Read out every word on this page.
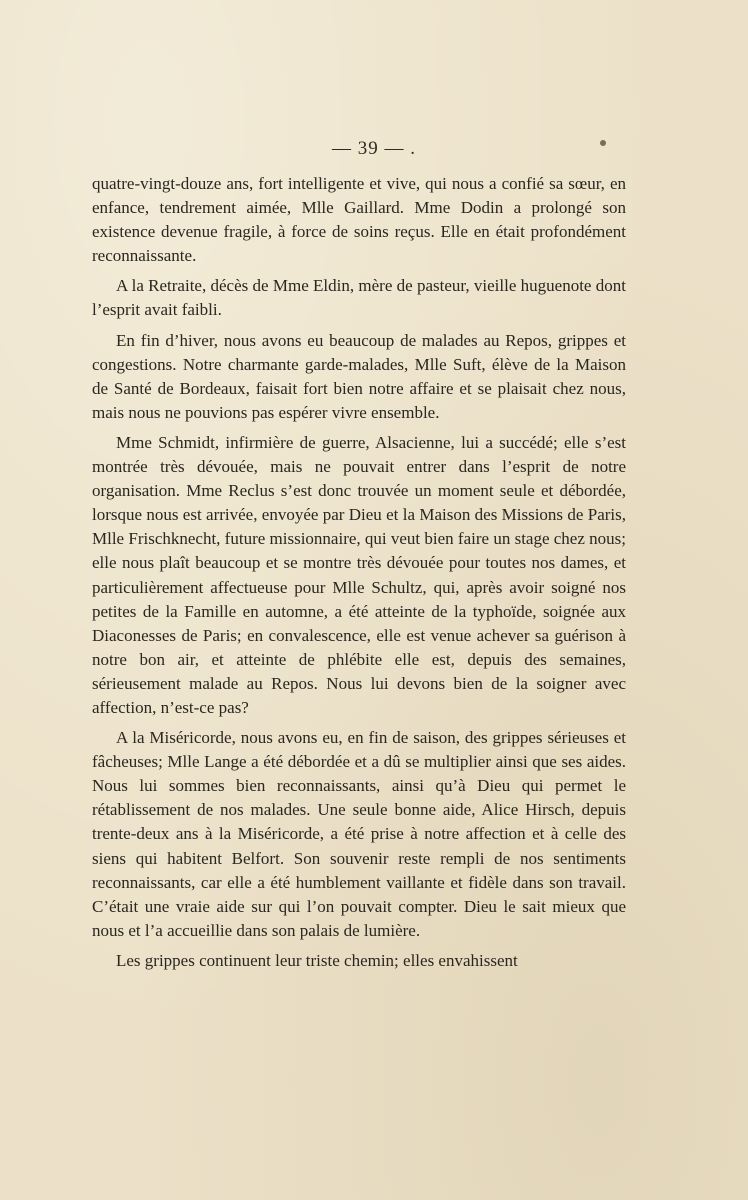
— 39 — .

quatre-vingt-douze ans, fort intelligente et vive, qui nous a confié sa sœur, en enfance, tendrement aimée, Mlle Gaillard. Mme Dodin a prolongé son existence devenue fragile, à force de soins reçus. Elle en était profondément reconnaissante.

A la Retraite, décès de Mme Eldin, mère de pasteur, vieille huguenote dont l’esprit avait faibli.

En fin d’hiver, nous avons eu beaucoup de malades au Repos, grippes et congestions. Notre charmante garde-malades, Mlle Suft, élève de la Maison de Santé de Bordeaux, faisait fort bien notre affaire et se plaisait chez nous, mais nous ne pouvions pas espérer vivre ensemble.

Mme Schmidt, infirmière de guerre, Alsacienne, lui a succédé; elle s’est montrée très dévouée, mais ne pouvait entrer dans l’esprit de notre organisation. Mme Reclus s’est donc trouvée un moment seule et débordée, lorsque nous est arrivée, envoyée par Dieu et la Maison des Missions de Paris, Mlle Frischknecht, future missionnaire, qui veut bien faire un stage chez nous; elle nous plaît beaucoup et se montre très dévouée pour toutes nos dames, et particulièrement affectueuse pour Mlle Schultz, qui, après avoir soigné nos petites de la Famille en automne, a été atteinte de la typhoïde, soignée aux Diaconesses de Paris; en convalescence, elle est venue achever sa guérison à notre bon air, et atteinte de phlébite elle est, depuis des semaines, sérieusement malade au Repos. Nous lui devons bien de la soigner avec affection, n’est-ce pas?

A la Miséricorde, nous avons eu, en fin de saison, des grippes sérieuses et fâcheuses; Mlle Lange a été débordée et a dû se multiplier ainsi que ses aides. Nous lui sommes bien reconnaissants, ainsi qu’à Dieu qui permet le rétablissement de nos malades. Une seule bonne aide, Alice Hirsch, depuis trente-deux ans à la Miséricorde, a été prise à notre affection et à celle des siens qui habitent Belfort. Son souvenir reste rempli de nos sentiments reconnaissants, car elle a été humblement vaillante et fidèle dans son travail. C’était une vraie aide sur qui l’on pouvait compter. Dieu le sait mieux que nous et l’a accueillie dans son palais de lumière.

Les grippes continuent leur triste chemin; elles envahissent
